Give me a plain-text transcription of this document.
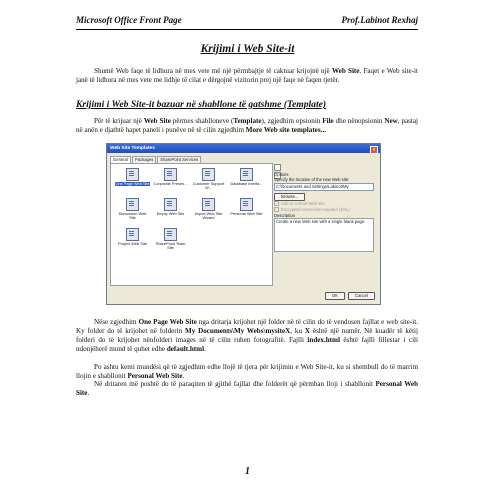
Microsoft Office Front Page	Prof.Labinot Rexhaj
Krijimi i Web Site-it
Shumë Web faqe të lidhura në mes vete më një përmbajtje të caktuar krijojnë një Web Site. Faqet e Web site-it janë të lidhura në mes vete me lidhje të cilat e dërgojnë vizitorin prej një faqe në faqen tjetër.
Krijimi i Web Site-it bazuar në shabllone të gatshme (Template)
Për të krijuar një Web Site përmes shablloneve (Template), zgjedhim opsionin File dhe nënopsionin New, pastaj në anën e djathtë hapet paneli i punëve në të cilin zgjedhim More Web site templates...
Web Site Templates	×
General Packages SharePoint Services
One Page Web Site Corporate Presen...	Customer Support W...
Database Interfa...
Discussion Web Site
Empty Web Site	Import Web Site Wizard
Personal Web Site
Project Web Site	SharePoint Team Site
Options
Specify the location of the new Web site:
C:\Documents and Settings\Labinot\My
Browse...
Add to current Web site
Encrypted connection required (SSL)
Description
Create a new Web site with a single blank page.
OK	Cancel
Nëse zgjedhim One Page Web Site nga dritarja krijohet një folder në të cilin do të vendosen fajllat e web site-it. Ky folder do të krijohet në folderin My Documents\My Webs\mysiteX, ku X është një numër. Në kuadër të këtij folderi do të krijohet nënfolderi images në të cilin ruhen fotografitë. Fajlli index.html është fajlli fillestar i cili ndonjëherë mund të quhet edhe default.html.
Po ashtu kemi mundësi që të zgjedhim edhe llojë të tjera për krijimin e Web Site-it, ku si shembull do të marrim llojin e shabllonit Personal Web Site.
Në dritaren më poshtë do të paraqiten të gjithë fajllat dhe folderët që përmban lloji i shabllonit Personal Web Site.
1
